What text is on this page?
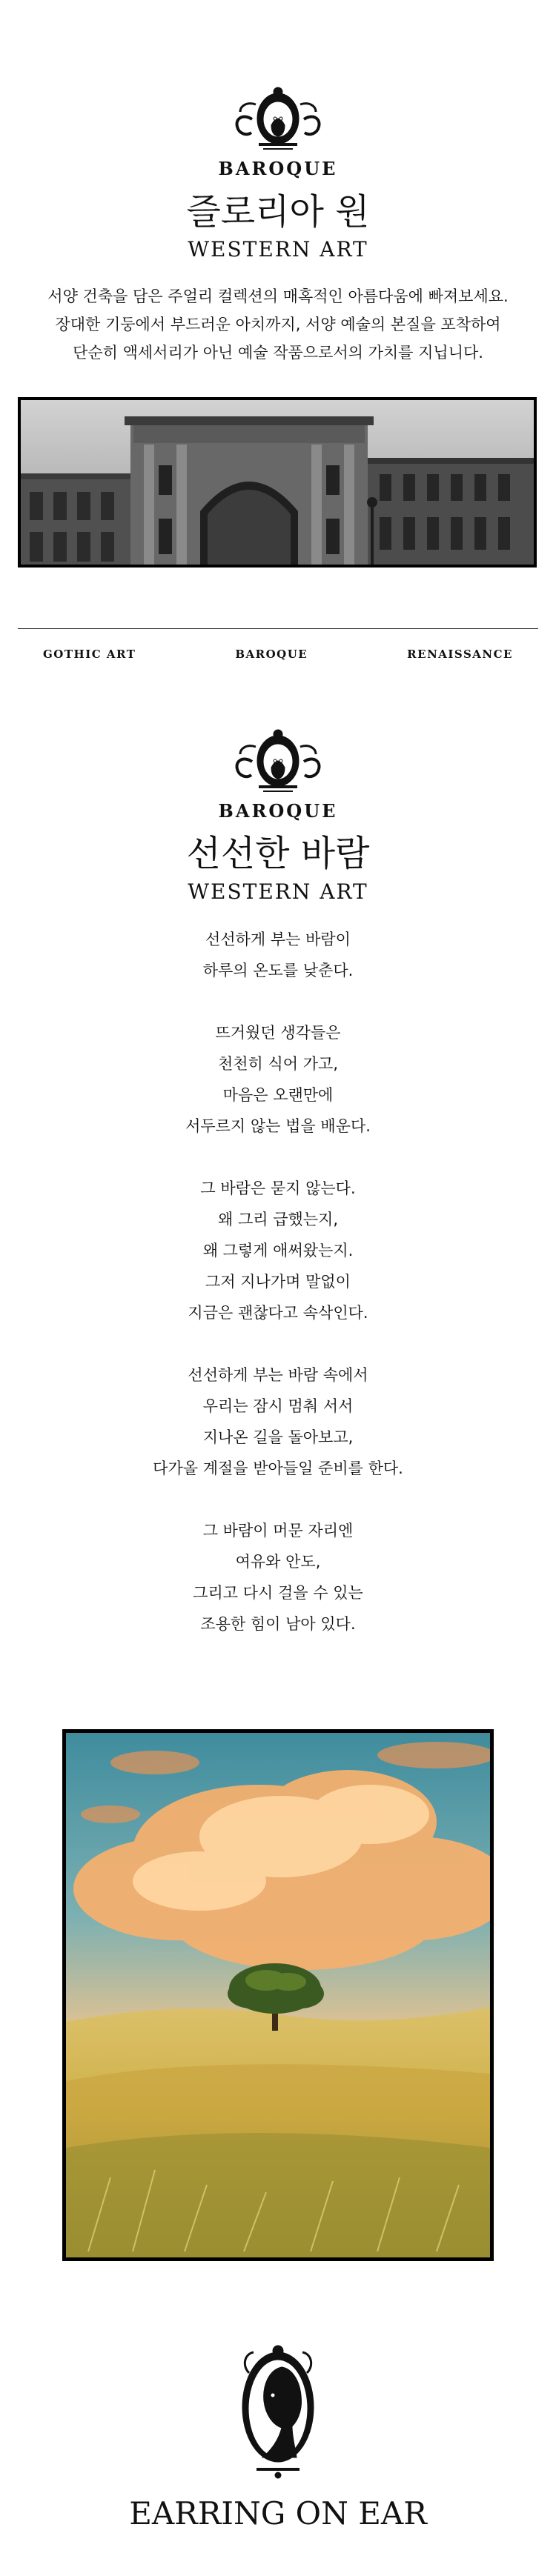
BAROQUE
즐로리아 원
WESTERN ART
서양 건축을 담은 주얼리 컬렉션의 매혹적인 아름다움에 빠져보세요.
장대한 기둥에서 부드러운 아치까지, 서양 예술의 본질을 포착하여
단순히 액세서리가 아닌 예술 작품으로서의 가치를 지닙니다.
GOTHIC ART	BAROQUE	RENAISSANCE
BAROQUE
선선한 바람
WESTERN ART
선선하게 부는 바람이
하루의 온도를 낮춘다.
뜨거웠던 생각들은
천천히 식어 가고,
마음은 오랜만에
서두르지 않는 법을 배운다.
그 바람은 묻지 않는다.
왜 그리 급했는지,
왜 그렇게 애써왔는지.
그저 지나가며 말없이
지금은 괜찮다고 속삭인다.
선선하게 부는 바람 속에서
우리는 잠시 멈춰 서서
지나온 길을 돌아보고,
다가올 계절을 받아들일 준비를 한다.
그 바람이 머문 자리엔
여유와 안도,
그리고 다시 걸을 수 있는
조용한 힘이 남아 있다.
EARRING ON EAR
